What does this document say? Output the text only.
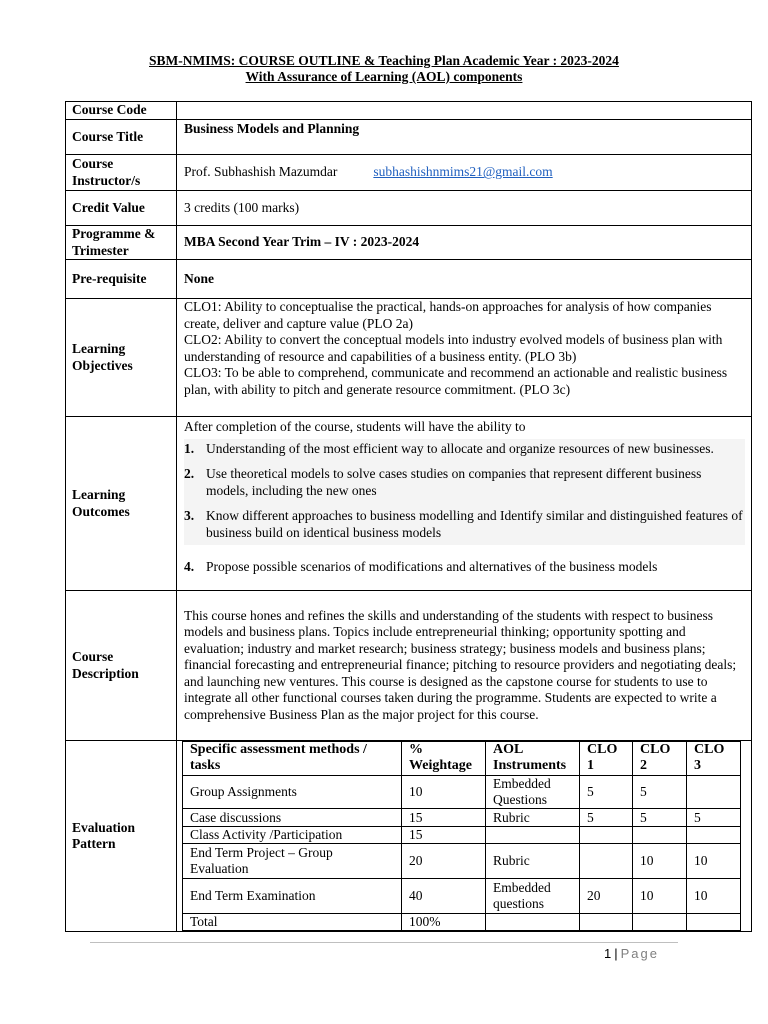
SBM-NMIMS: COURSE OUTLINE & Teaching Plan Academic Year : 2023-2024
With Assurance of Learning (AOL) components
Course Code	
Course Title	Business Models and Planning
Course Instructor/s	Prof. Subhashish Mazumdar	subhashishnmims21@gmail.com
Credit Value	3 credits (100 marks)
Programme & Trimester	MBA Second Year Trim – IV : 2023-2024
Pre-requisite	None
Learning Objectives	
CLO1: Ability to conceptualise the practical, hands-on approaches for analysis of how companies create, deliver and capture value (PLO 2a)
CLO2: Ability to convert the conceptual models into industry evolved models of business plan with understanding of resource and capabilities of a business entity. (PLO 3b)
CLO3: To be able to comprehend, communicate and recommend an actionable and realistic business plan, with ability to pitch and generate resource commitment. (PLO 3c)

Learning Outcomes	
After completion of the course, students will have the ability to
1. Understanding of the most efficient way to allocate and organize resources of new businesses.
2. Use theoretical models to solve cases studies on companies that represent different business models, including the new ones
3. Know different approaches to business modelling and Identify similar and distinguished features of business build on identical business models
4. Propose possible scenarios of modifications and alternatives of the business models

Course Description	This course hones and refines the skills and understanding of the students with respect to business models and business plans. Topics include entrepreneurial thinking; opportunity spotting and evaluation; industry and market research; business strategy; business models and business plans; financial forecasting and entrepreneurial finance; pitching to resource providers and negotiating deals; and launching new ventures. This course is designed as the capstone course for students to use to integrate all other functional courses taken during the programme. Students are expected to write a comprehensive Business Plan as the major project for this course.
Evaluation Pattern	
Specific assessment methods / tasks	% Weightage	AOL Instruments	CLO 1	CLO 2	CLO 3
Group Assignments	10	Embedded Questions	5	5	
Case discussions	15	Rubric	5	5	5
Class Activity /Participation	15				
End Term Project – Group Evaluation	20	Rubric		10	10
End Term Examination	40	Embedded questions	20	10	10
Total	100%				
1 | Page
